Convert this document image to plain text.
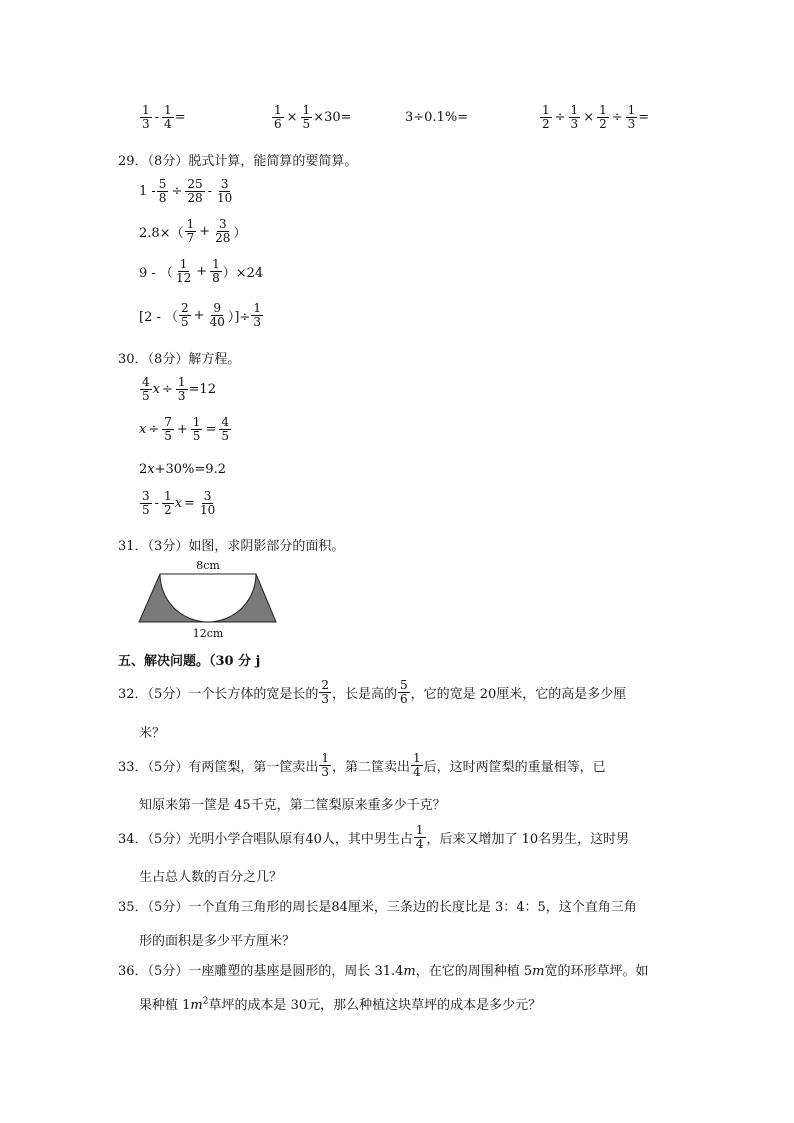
$\frac{1}{3} - \frac{1}{4}$ =	$\frac{1}{6} \times \frac{1}{5} \times 30=$	3÷0.1%=	$\frac{1}{2} \div \frac{1}{3} \times \frac{1}{2} \div \frac{1}{3}$ =
29．（8分）脱式计算，能简算的要简算。
$1 - \frac{5}{8} \div \frac{25}{28} - \frac{3}{10}$
$2.8\times( \frac{1}{7} + \frac{3}{28}$ ）
9 - （ $\frac{1}{12} + \frac{1}{8} )\times 24$
[2 - （ $\frac{2}{5} + \frac{9}{40}$ ）]÷ $\frac{1}{3}$
30．（8分）解方程。
$\frac{4}{5}$ $x \div \frac{1}{3} =12$
$x \div \frac{7}{5} + \frac{1}{5} = \frac{4}{5}$
2 x +30%=9.2
$\frac{3}{5} - \frac{1}{2}$ $x = \frac{3}{10}$
31．（3分）如图，求阴影部分的面积。
8cm
12cm
五、解决问题。（30 分 j
32．（5分）一个长方体的宽是长的 $\frac{2}{3}$ ，长是高的 $\frac{5}{6}$ ，它的宽是 20厘米，它的高是多少厘
米？
33．（5分）有两筐梨，第一筐卖出 $\frac{1}{3}$ ，第二筐卖出 $\frac{1}{4}$ 后，这时两筐梨的重量相等，已
知原来第一筐是 45千克，第二筐梨原来重多少千克？
34．（5分）光明小学合唱队原有40人，其中男生占 $\frac{1}{4}$ ，后来又增加了 10名男生，这时男
生占总人数的百分之几？
35．（5分）一个直角三角形的周长是84厘米，三条边的长度比是 3：4：5，这个直角三角
形的面积是多少平方厘米？
36．（5分）一座雕塑的基座是圆形的，周长 31.4m，在它的周围种植 5m宽的环形草坪。如
果种植 $1m^2$草坪的成本是 30元，那么种植这块草坪的成本是多少元？
